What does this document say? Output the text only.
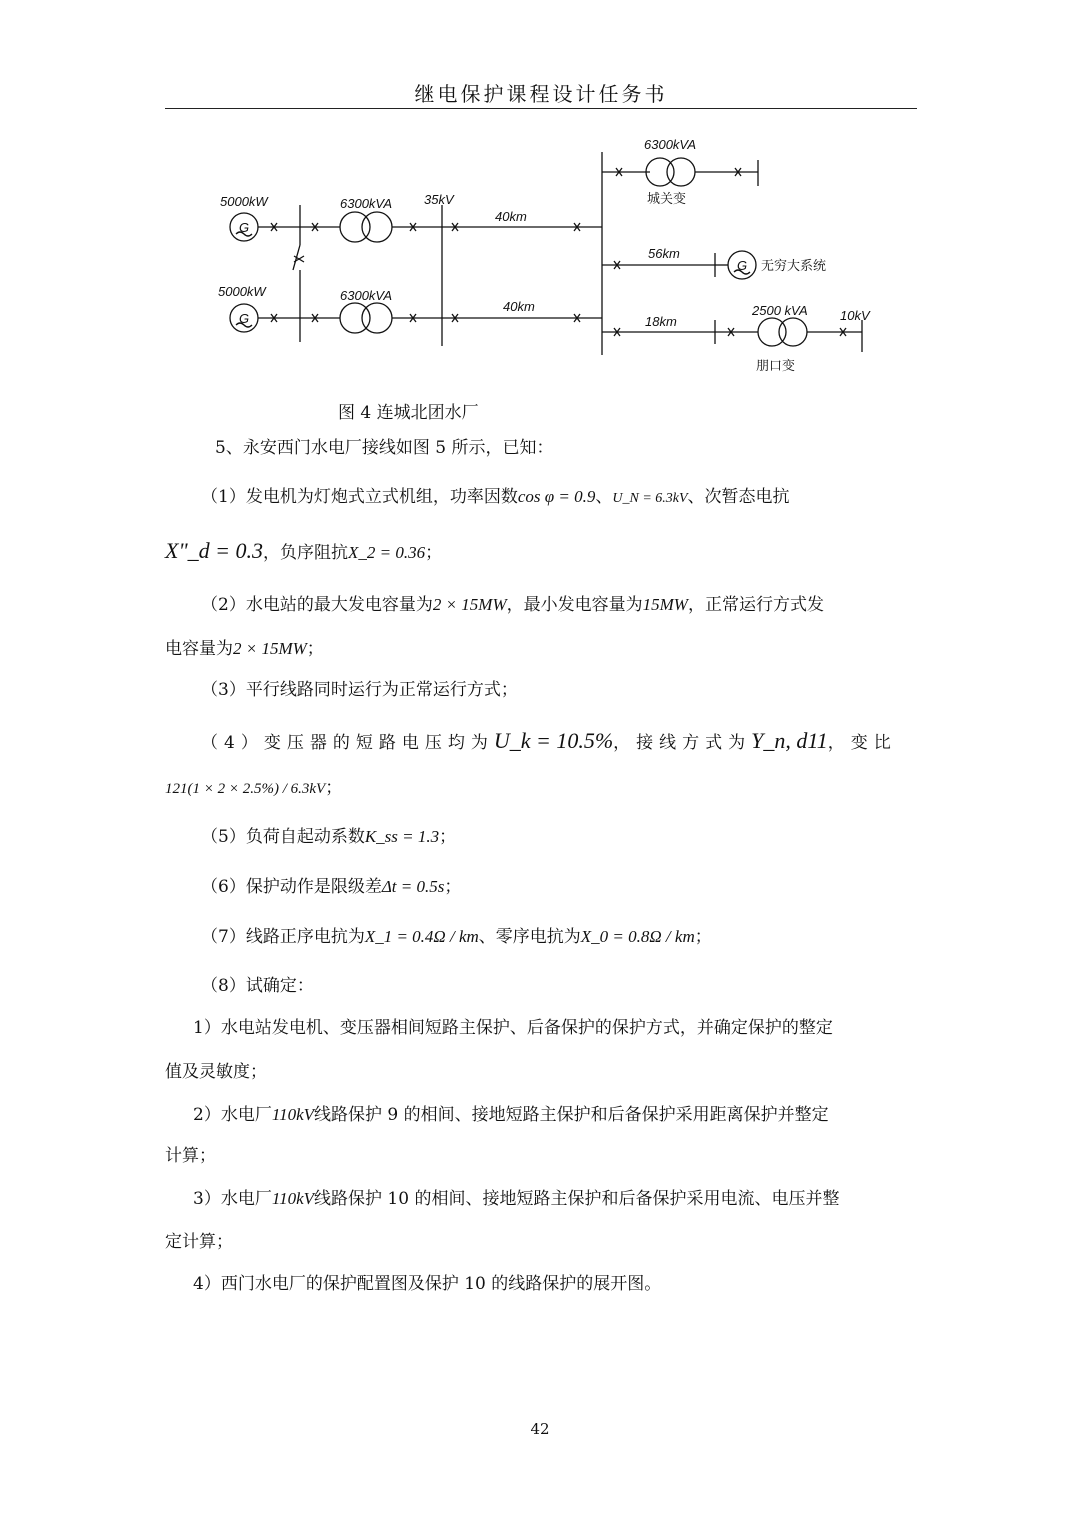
继电保护课程设计任务书
G
G
G
5000kW
5000kW
6300kVA
6300kVA
35kV
40km
40km
6300kVA
城关变
56km
无穷大系统
18km
2500 kVA
朋口变
10kV
图 4 连城北团水厂

5、永安西门水电厂接线如图 5 所示，已知：

（1）发电机为灯炮式立式机组，功率因数cos φ = 0.9、U_N = 6.3kV、次暂态电抗

X"_d = 0.3，负序阻抗X_2 = 0.36；

（2）水电站的最大发电容量为2 × 15MW，最小发电容量为15MW，正常运行方式发

电容量为2 × 15MW；

（3）平行线路同时运行为正常运行方式；

（4）变压器的短路电压均为U_k = 10.5%，接线方式为Y_n, d11，变比

121(1 × 2 × 2.5%) / 6.3kV；

（5）负荷自起动系数K_ss = 1.3；

（6）保护动作是限级差Δt = 0.5s；

（7）线路正序电抗为X_1 = 0.4Ω / km、零序电抗为X_0 = 0.8Ω / km；

（8）试确定：

1）水电站发电机、变压器相间短路主保护、后备保护的保护方式，并确定保护的整定

值及灵敏度；

2）水电厂110kV线路保护 9 的相间、接地短路主保护和后备保护采用距离保护并整定

计算；

3）水电厂110kV线路保护 10 的相间、接地短路主保护和后备保护采用电流、电压并整

定计算；

4）西门水电厂的保护配置图及保护 10 的线路保护的展开图。

42
